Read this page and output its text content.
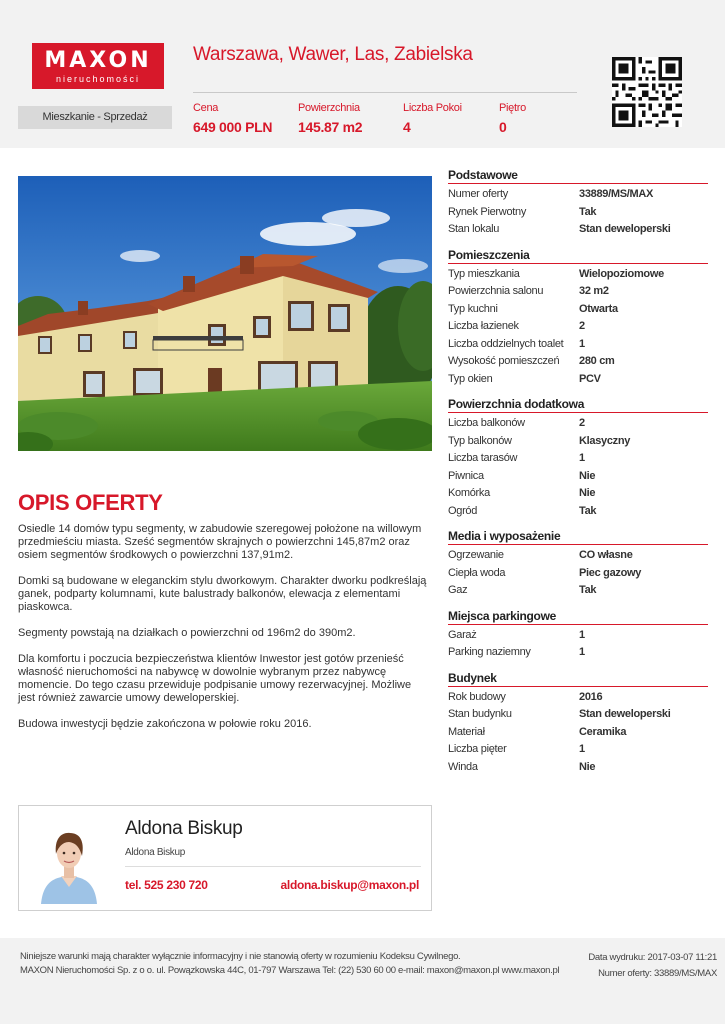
MAXON
nieruchomości
Warszawa, Wawer, Las, Zabielska
Mieszkanie - Sprzedaż
Cena
649 000 PLN
Powierzchnia
145.87 m2
Liczba Pokoi
4
Piętro
0
OPIS OFERTY

Osiedle 14 domów typu segmenty, w zabudowie szeregowej położone na willowym przedmieściu miasta. Sześć segmentów skrajnych o powierzchni 145,87m2 oraz osiem segmentów środkowych o powierzchni 137,91m2.

Domki są budowane w eleganckim stylu dworkowym. Charakter dworku podkreślają ganek, podparty kolumnami, kute balustrady balkonów, elewacja z elementami piaskowca.

Segmenty powstają na działkach o powierzchni od 196m2 do 390m2.

Dla komfortu i poczucia bezpieczeństwa klientów Inwestor jest gotów przenieść własność nieruchomości na nabywcę w dowolnie wybranym przez nabywcę momencie. Do tego czasu przewiduje podpisanie umowy rezerwacyjnej. Możliwe jest również zawarcie umowy deweloperskiej.

Budowa inwestycji będzie zakończona w połowie roku 2016.

Podstawowe
Numer oferty	33889/MS/MAX
Rynek Pierwotny	Tak
Stan lokalu	Stan deweloperski
Pomieszczenia
Typ mieszkania	Wielopoziomowe
Powierzchnia salonu	32 m2
Typ kuchni	Otwarta
Liczba łazienek	2
Liczba oddzielnych toalet	1
Wysokość pomieszczeń	280 cm
Typ okien	PCV
Powierzchnia dodatkowa
Liczba balkonów	2
Typ balkonów	Klasyczny
Liczba tarasów	1
Piwnica	Nie
Komórka	Nie
Ogród	Tak
Media i wyposażenie
Ogrzewanie	CO własne
Ciepła woda	Piec gazowy
Gaz	Tak
Miejsca parkingowe
Garaż	1
Parking naziemny	1
Budynek
Rok budowy	2016
Stan budynku	Stan deweloperski
Materiał	Ceramika
Liczba pięter	1
Winda	Nie
Aldona Biskup
Aldona Biskup
tel. 525 230 720	aldona.biskup@maxon.pl
Niniejsze warunki mają charakter wyłącznie informacyjny i nie stanowią oferty w rozumieniu Kodeksu Cywilnego.
MAXON Nieruchomości Sp. z o o. ul. Powązkowska 44C, 01-797 Warszawa Tel: (22) 530 60 00 e-mail: maxon@maxon.pl www.maxon.pl
Data wydruku: 2017-03-07 11:21
Numer oferty: 33889/MS/MAX
